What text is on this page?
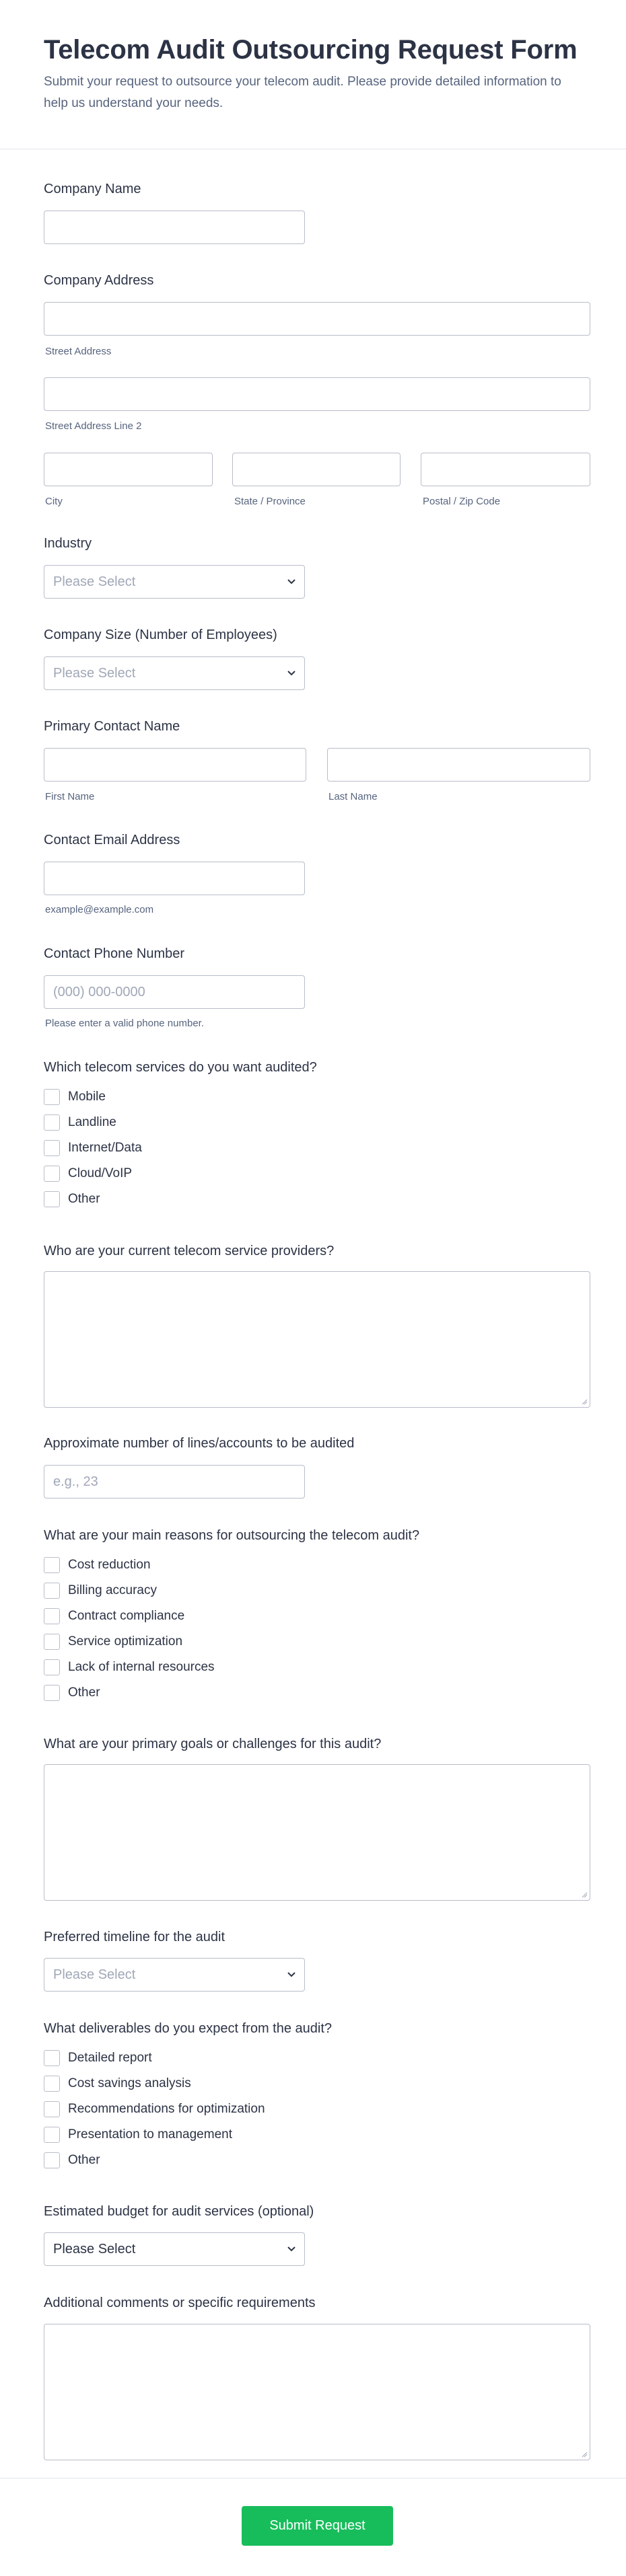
Telecom Audit Outsourcing Request Form
Submit your request to outsource your telecom audit. Please provide detailed information to help us understand your needs.
Company Name
Company Address
Street Address
Street Address Line 2
City	State / Province	Postal / Zip Code
Industry
Please Select
Company Size (Number of Employees)
Please Select
Primary Contact Name
First Name	Last Name
Contact Email Address
example@example.com
Contact Phone Number
(000) 000-0000
Please enter a valid phone number.
Which telecom services do you want audited?
Mobile
Landline
Internet/Data
Cloud/VoIP
Other
Who are your current telecom service providers?
Approximate number of lines/accounts to be audited
e.g., 23
What are your main reasons for outsourcing the telecom audit?
Cost reduction
Billing accuracy
Contract compliance
Service optimization
Lack of internal resources
Other
What are your primary goals or challenges for this audit?
Preferred timeline for the audit
Please Select
What deliverables do you expect from the audit?
Detailed report
Cost savings analysis
Recommendations for optimization
Presentation to management
Other
Estimated budget for audit services (optional)
Please Select
Additional comments or specific requirements
Submit Request
